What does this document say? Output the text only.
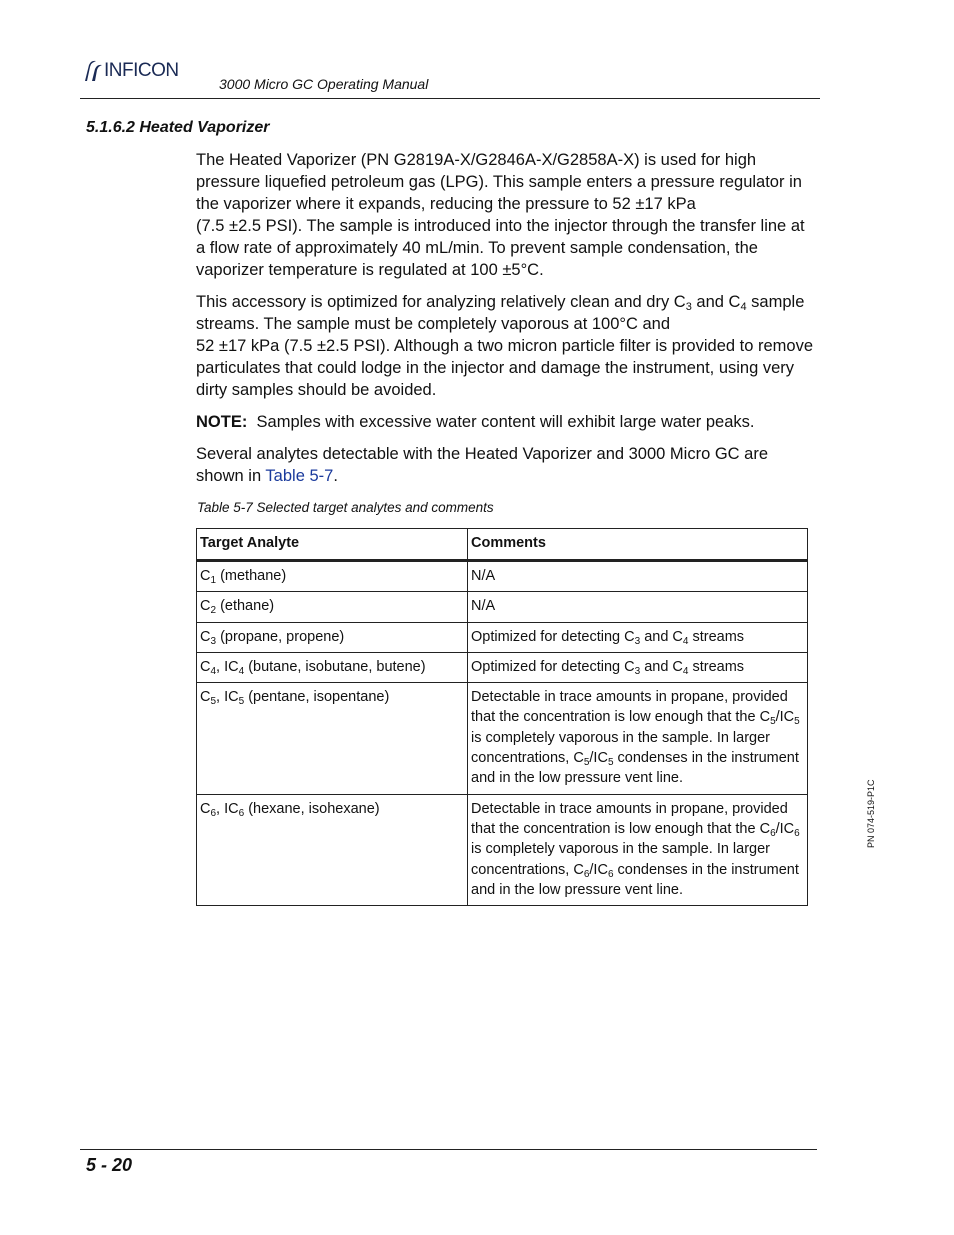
INFICON
3000 Micro GC Operating Manual
5.1.6.2 Heated Vaporizer

The Heated Vaporizer (PN G2819A-X/G2846A-X/G2858A-X) is used for high pressure liquefied petroleum gas (LPG). This sample enters a pressure regulator in the vaporizer where it expands, reducing the pressure to 52 ±17 kPa
(7.5 ±2.5 PSI). The sample is introduced into the injector through the transfer line at a flow rate of approximately 40 mL/min. To prevent sample condensation, the vaporizer temperature is regulated at 100 ±5°C.

This accessory is optimized for analyzing relatively clean and dry $C_3$ and $C_4$ sample streams. The sample must be completely vaporous at 100°C and
52 ±17 kPa (7.5 ±2.5 PSI). Although a two micron particle filter is provided to remove particulates that could lodge in the injector and damage the instrument, using very dirty samples should be avoided.

NOTE: Samples with excessive water content will exhibit large water peaks.

Several analytes detectable with the Heated Vaporizer and 3000 Micro GC are shown in Table 5-7.

Table 5-7 Selected target analytes and comments
Target Analyte	Comments
$C_1$ (methane)	N/A
$C_2$ (ethane)	N/A
$C_3$ (propane, propene)	Optimized for detecting $C_3$ and $C_4$ streams
$C_4$, $IC_4$ (butane, isobutane, butene)	Optimized for detecting $C_3$ and $C_4$ streams
$C_5$, $IC_5$ (pentane, isopentane)	Detectable in trace amounts in propane, provided that the concentration is low enough that the $C_5/IC_5$ is completely vaporous in the sample. In larger concentrations, $C_5/IC_5$ condenses in the instrument and in the low pressure vent line.
$C_6$, $IC_6$ (hexane, isohexane)	Detectable in trace amounts in propane, provided that the concentration is low enough that the $C_6/IC_6$ is completely vaporous in the sample. In larger concentrations, $C_6/IC_6$ condenses in the instrument and in the low pressure vent line.
PN 074-519-P1C
5 - 20
